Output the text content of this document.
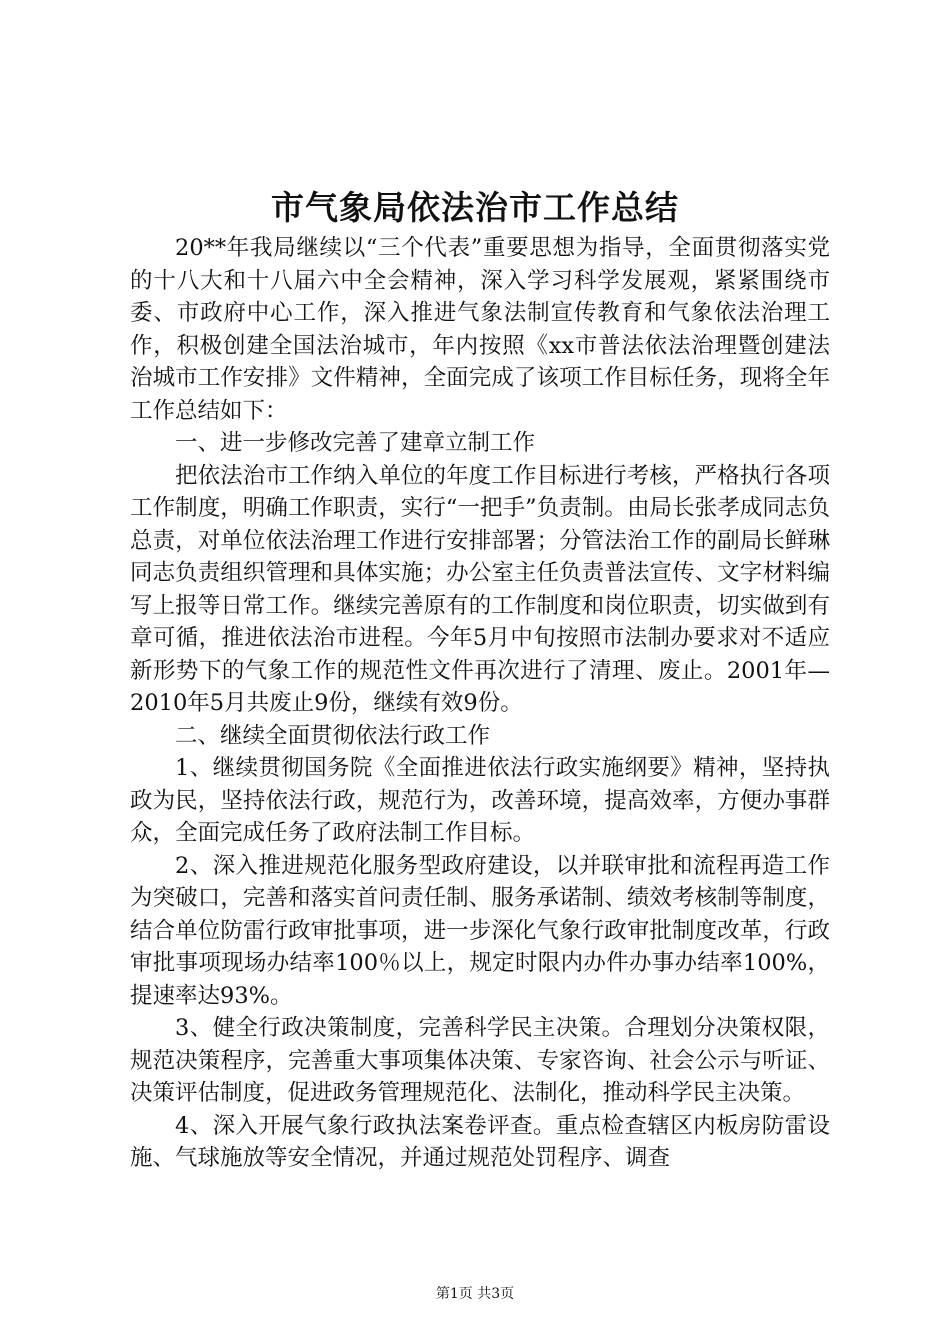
市气象局依法治市工作总结

20**年我局继续以“三个代表”重要思想为指导，全面贯彻落实党的十八大和十八届六中全会精神，深入学习科学发展观，紧紧围绕市委、市政府中心工作，深入推进气象法制宣传教育和气象依法治理工作，积极创建全国法治城市，年内按照《xx市普法依法治理暨创建法治城市工作安排》文件精神，全面完成了该项工作目标任务，现将全年工作总结如下：

一、进一步修改完善了建章立制工作

把依法治市工作纳入单位的年度工作目标进行考核，严格执行各项工作制度，明确工作职责，实行“一把手”负责制。由局长张孝成同志负总责，对单位依法治理工作进行安排部署；分管法治工作的副局长鲜琳同志负责组织管理和具体实施；办公室主任负责普法宣传、文字材料编写上报等日常工作。继续完善原有的工作制度和岗位职责，切实做到有章可循，推进依法治市进程。今年5月中旬按照市法制办要求对不适应新形势下的气象工作的规范性文件再次进行了清理、废止。2001年—2010年5月共废止9份，继续有效9份。

二、继续全面贯彻依法行政工作

1、继续贯彻国务院《全面推进依法行政实施纲要》精神，坚持执政为民，坚持依法行政，规范行为，改善环境，提高效率，方便办事群众，全面完成任务了政府法制工作目标。

2、深入推进规范化服务型政府建设，以并联审批和流程再造工作为突破口，完善和落实首问责任制、服务承诺制、绩效考核制等制度，结合单位防雷行政审批事项，进一步深化气象行政审批制度改革，行政审批事项现场办结率100％以上，规定时限内办件办事办结率100%，提速率达93%。

3、健全行政决策制度，完善科学民主决策。合理划分决策权限，规范决策程序，完善重大事项集体决策、专家咨询、社会公示与听证、决策评估制度，促进政务管理规范化、法制化，推动科学民主决策。

4、深入开展气象行政执法案卷评查。重点检查辖区内板房防雷设施、气球施放等安全情况，并通过规范处罚程序、调查

第1页 共3页
